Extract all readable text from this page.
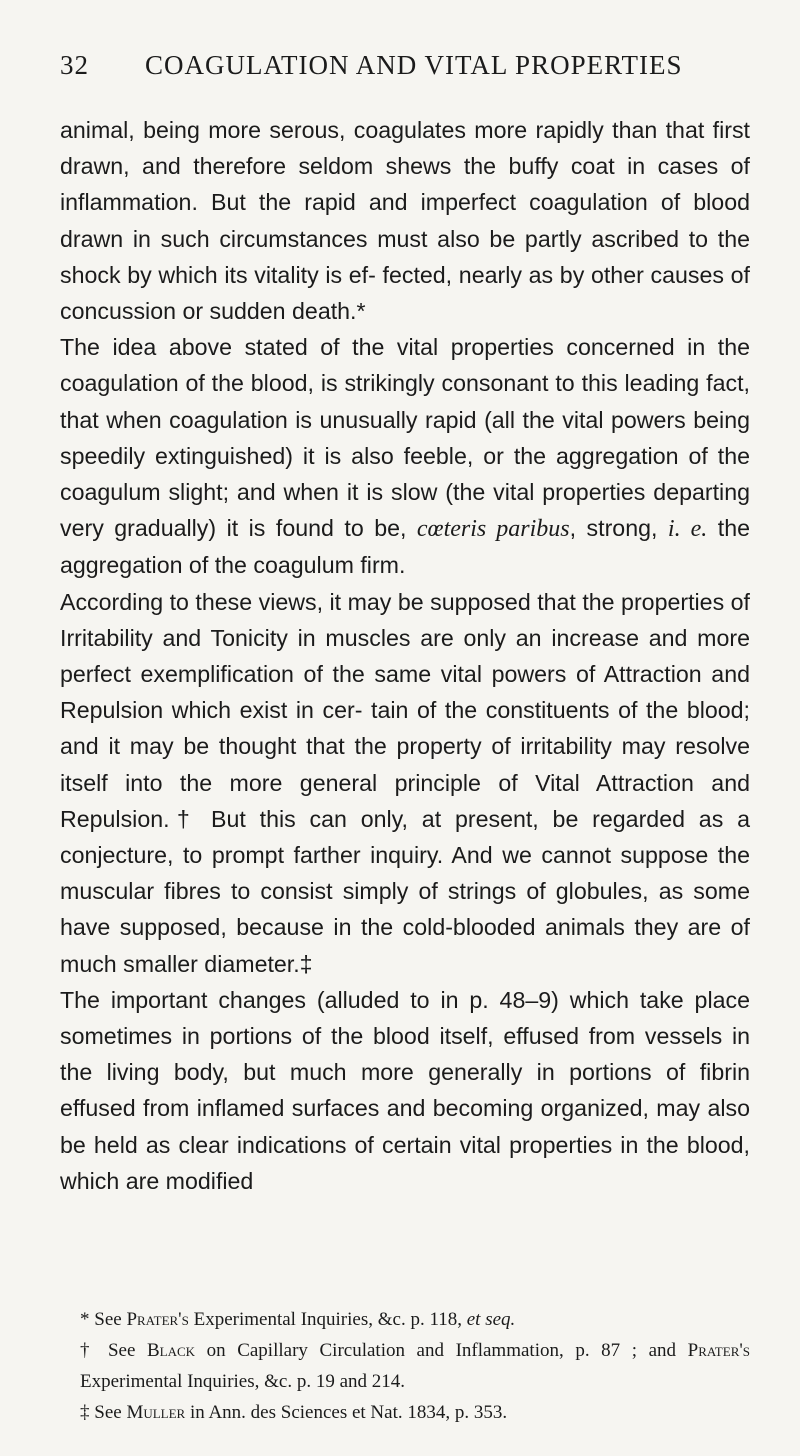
32 COAGULATION AND VITAL PROPERTIES

animal, being more serous, coagulates more rapidly than that first drawn, and therefore seldom shews the buffy coat in cases of inflammation. But the rapid and imperfect coagulation of blood drawn in such circumstances must also be partly ascribed to the shock by which its vitality is ef- fected, nearly as by other causes of concussion or sudden death.*

The idea above stated of the vital properties concerned in the coagulation of the blood, is strikingly consonant to this leading fact, that when coagulation is unusually rapid (all the vital powers being speedily extinguished) it is also feeble, or the aggregation of the coagulum slight; and when it is slow (the vital properties departing very gradually) it is found to be, cœteris paribus, strong, i. e. the aggregation of the coagulum firm.

According to these views, it may be supposed that the properties of Irritability and Tonicity in muscles are only an increase and more perfect exemplification of the same vital powers of Attraction and Repulsion which exist in cer- tain of the constituents of the blood; and it may be thought that the property of irritability may resolve itself into the more general principle of Vital Attraction and Repulsion.† But this can only, at present, be regarded as a conjecture, to prompt farther inquiry. And we cannot suppose the muscular fibres to consist simply of strings of globules, as some have supposed, because in the cold-blooded animals they are of much smaller diameter.‡

The important changes (alluded to in p. 48–9) which take place sometimes in portions of the blood itself, effused from vessels in the living body, but much more generally in portions of fibrin effused from inflamed surfaces and becoming organized, may also be held as clear indications of certain vital properties in the blood, which are modified

* See Prater's Experimental Inquiries, &c. p. 118, et seq.

† See Black on Capillary Circulation and Inflammation, p. 87 ; and Prater's Experimental Inquiries, &c. p. 19 and 214.

‡ See Muller in Ann. des Sciences et Nat. 1834, p. 353.
